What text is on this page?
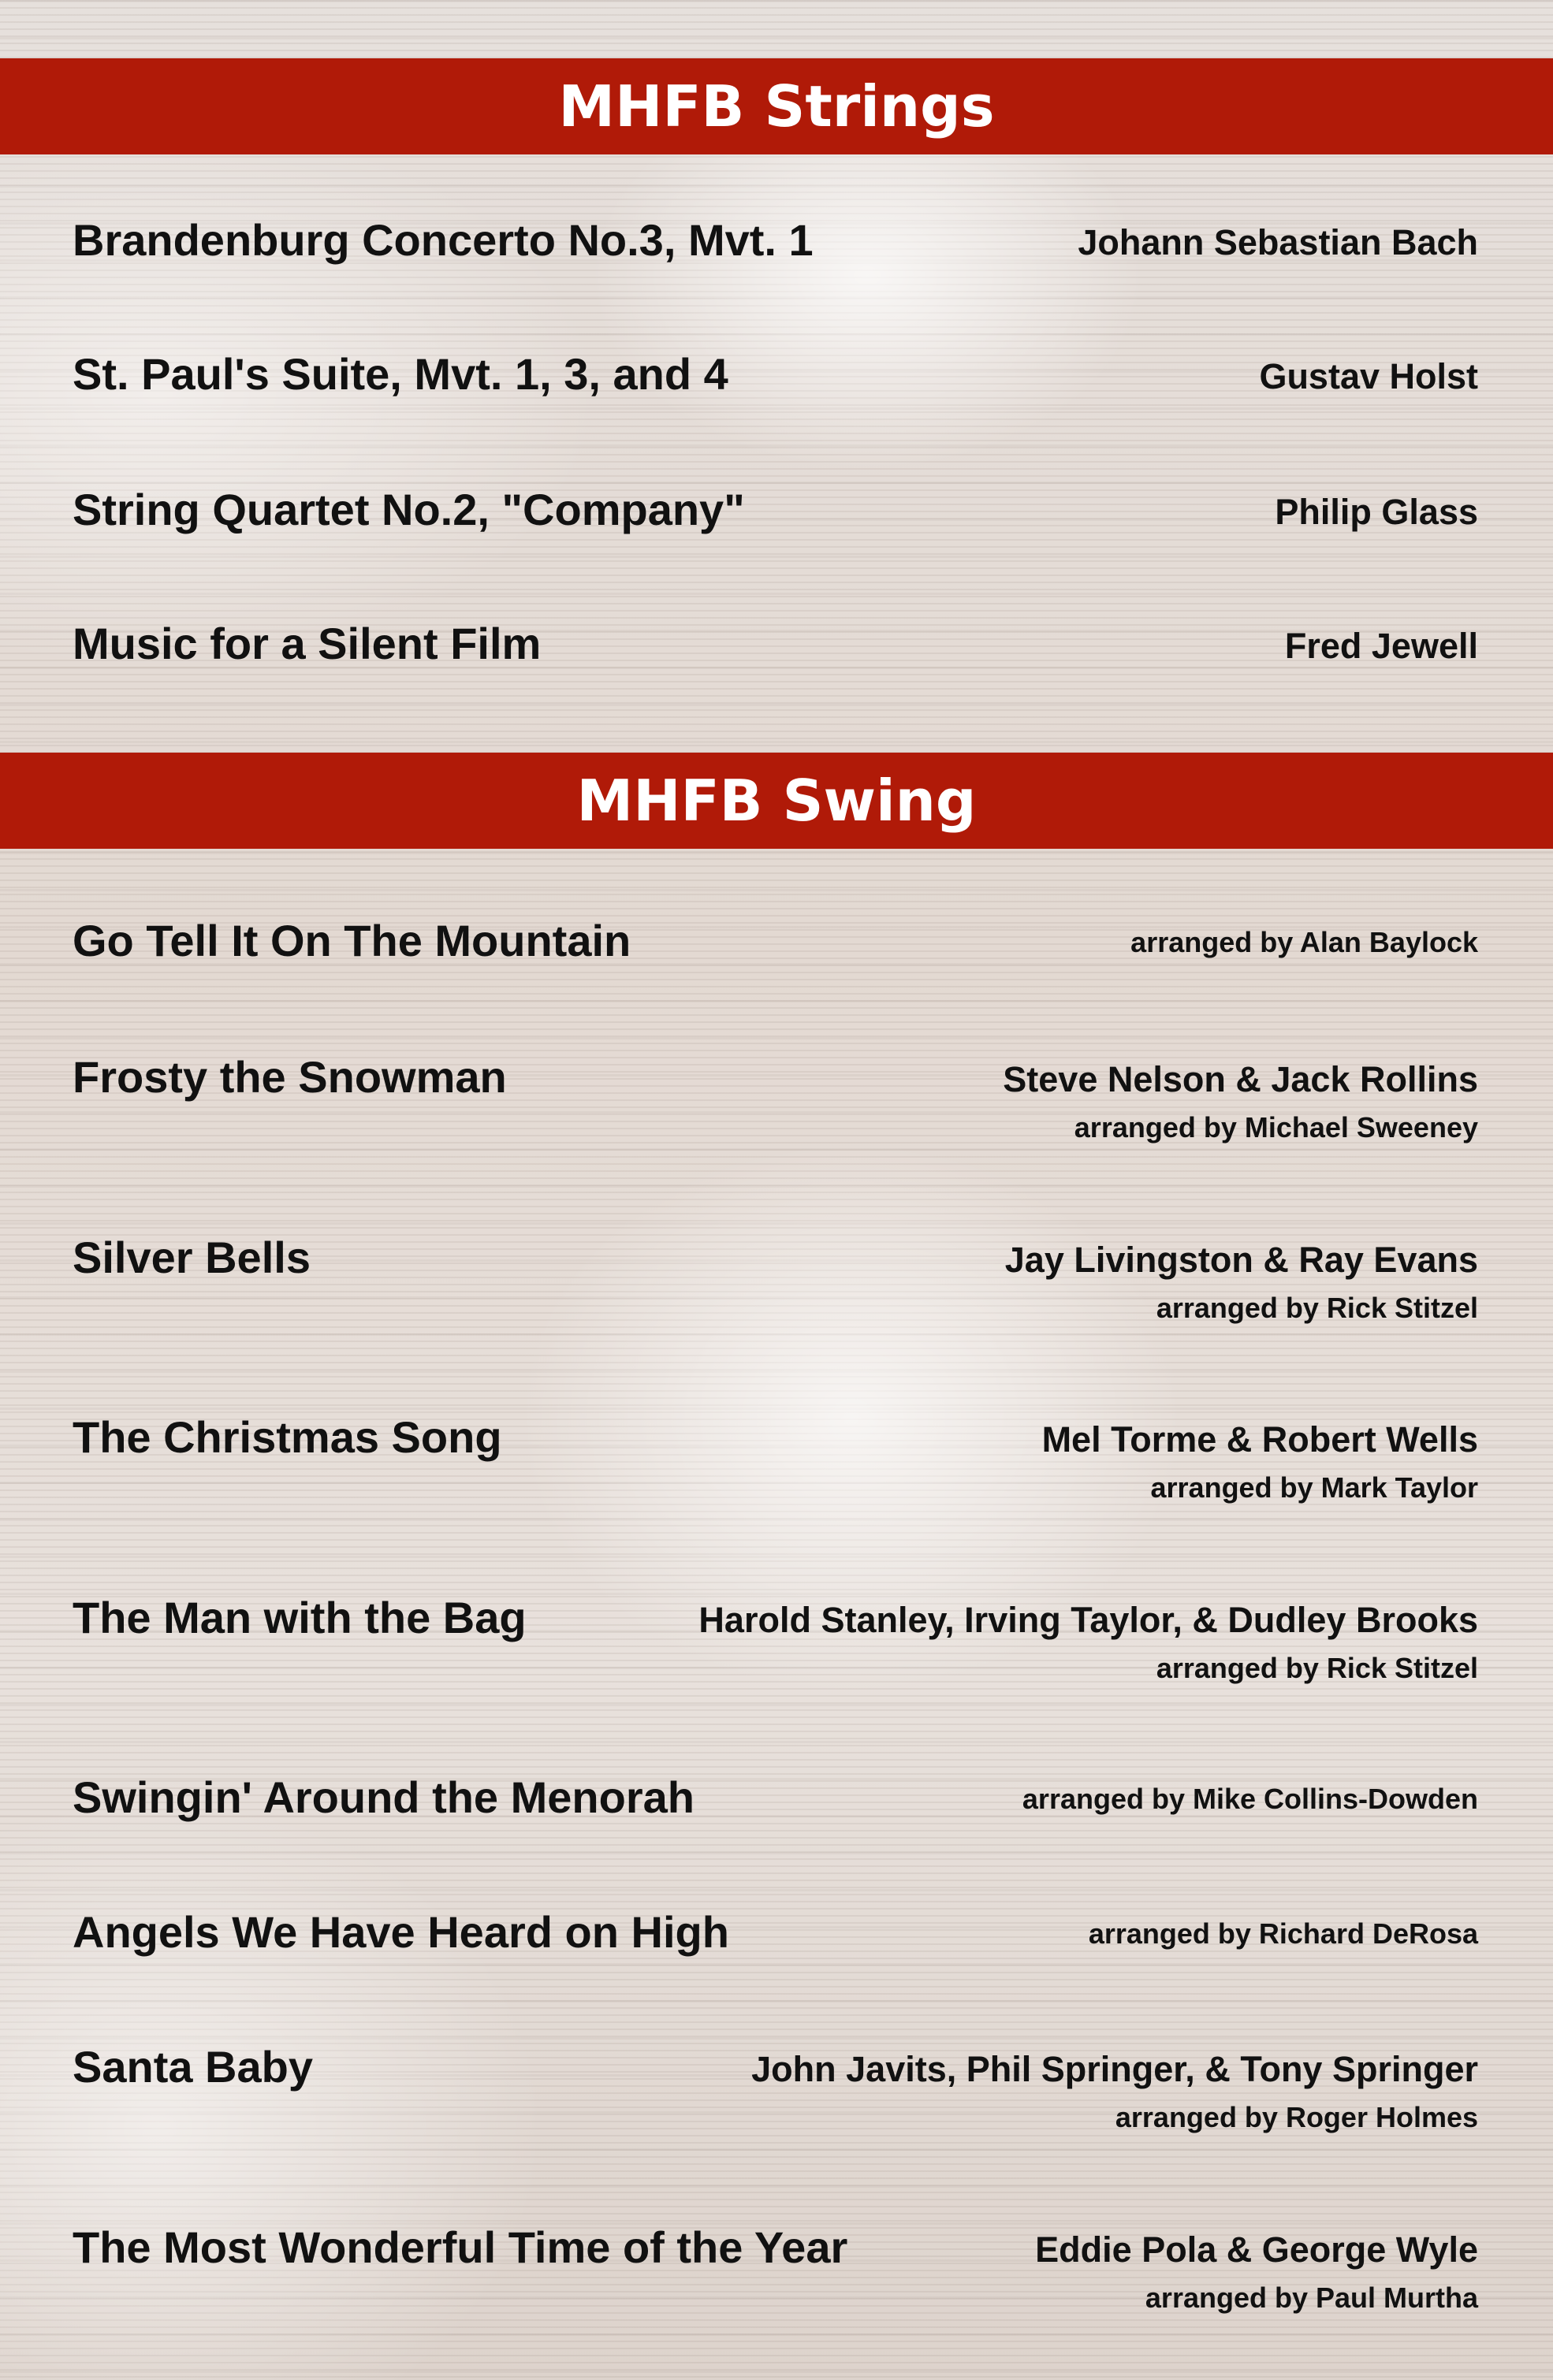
MHFB Strings
Brandenburg Concerto No.3, Mvt. 1	Johann Sebastian Bach
St. Paul's Suite, Mvt. 1, 3, and 4	Gustav Holst
String Quartet No.2, "Company"	Philip Glass
Music for a Silent Film	Fred Jewell
MHFB Swing
Go Tell It On The Mountain	arranged by Alan Baylock
Frosty the Snowman	Steve Nelson & Jack Rollins
arranged by Michael Sweeney
Silver Bells	Jay Livingston & Ray Evans
arranged by Rick Stitzel
The Christmas Song	Mel Torme & Robert Wells
arranged by Mark Taylor
The Man with the Bag	Harold Stanley, Irving Taylor, & Dudley Brooks
arranged by Rick Stitzel
Swingin' Around the Menorah	arranged by Mike Collins-Dowden
Angels We Have Heard on High	arranged by Richard DeRosa
Santa Baby	John Javits, Phil Springer, & Tony Springer
arranged by Roger Holmes
The Most Wonderful Time of the Year	Eddie Pola & George Wyle
arranged by Paul Murtha
